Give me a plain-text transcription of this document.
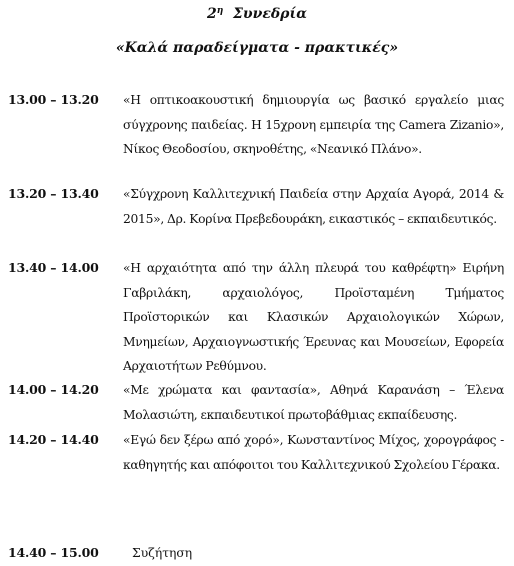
$2^\eta$ Συνεδρία
«Καλά παραδείγματα - πρακτικές»
13.00 – 13.20 «Η οπτικοακουστική δημιουργία ως βασικό εργαλείο μιας σύγχρονης παιδείας. Η 15χρονη εμπειρία της Camera Zizanio», Νίκος Θεοδοσίου, σκηνοθέτης, «Νεανικό Πλάνο».
13.20 – 13.40 «Σύγχρονη Καλλιτεχνική Παιδεία στην Αρχαία Αγορά, 2014 & 2015», Δρ. Κορίνα Πρεβεδουράκη, εικαστικός – εκπαιδευτικός.
13.40 – 14.00 «Η αρχαιότητα από την άλλη πλευρά του καθρέφτη» Ειρήνη Γαβριλάκη, αρχαιολόγος, Προϊσταμένη Τμήματος Προϊστορικών και Κλασικών Αρχαιολογικών Χώρων, Μνημείων, Αρχαιογνωστικής Έρευνας και Μουσείων, Εφορεία Αρχαιοτήτων Ρεθύμνου.
14.00 – 14.20 «Με χρώματα και φαντασία», Αθηνά Καρανάση – Έλενα Μολασιώτη, εκπαιδευτικοί πρωτοβάθμιας εκπαίδευσης.
14.20 – 14.40 «Εγώ δεν ξέρω από χορό», Κωνσταντίνος Μίχος, χορογράφος - καθηγητής και απόφοιτοι του Καλλιτεχνικού Σχολείου Γέρακα.
14.40 – 15.00	Συζήτηση
